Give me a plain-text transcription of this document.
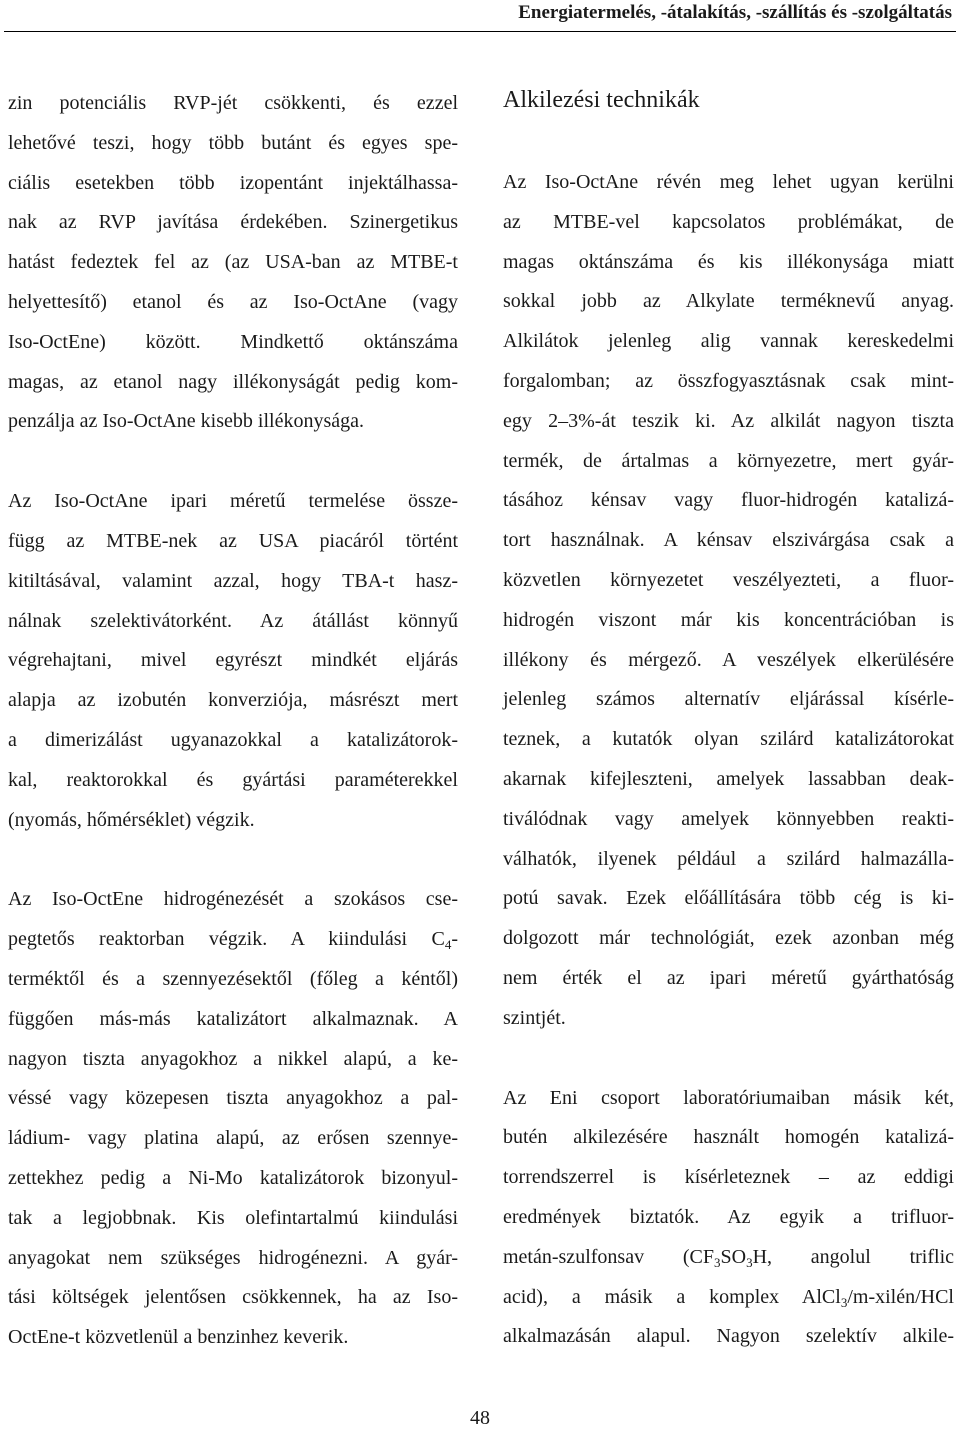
Energiatermelés, -átalakítás, -szállítás és -szolgáltatás

zin potenciális RVP-jét csökkenti, és ezzel
lehetővé teszi, hogy több butánt és egyes spe-
ciális esetekben több izopentánt injektálhassa-
nak az RVP javítása érdekében. Szinergetikus
hatást fedeztek fel az (az USA-ban az MTBE-t
helyettesítő) etanol és az Iso-OctAne (vagy
Iso-OctEne) között. Mindkettő oktánszáma
magas, az etanol nagy illékonyságát pedig kom-
penzálja az Iso-OctAne kisebb illékonysága.

Az Iso-OctAne ipari méretű termelése össze-
függ az MTBE-nek az USA piacáról történt
kitiltásával, valamint azzal, hogy TBA-t hasz-
nálnak szelektivátorként. Az átállást könnyű
végrehajtani, mivel egyrészt mindkét eljárás
alapja az izobutén konverziója, másrészt mert
a dimerizálást ugyanazokkal a katalizátorok-
kal, reaktorokkal és gyártási paraméterekkel
(nyomás, hőmérséklet) végzik.

Az Iso-OctEne hidrogénezését a szokásos cse-
pegtetős reaktorban végzik. A kiindulási $C_4-$
terméktől és a szennyezésektől (főleg a kéntől)
függően más-más katalizátort alkalmaznak. A
nagyon tiszta anyagokhoz a nikkel alapú, a ke-
véssé vagy közepesen tiszta anyagokhoz a pal-
ládium- vagy platina alapú, az erősen szennye-
zettekhez pedig a Ni-Mo katalizátorok bizonyul-
tak a legjobbnak. Kis olefintartalmú kiindulási
anyagokat nem szükséges hidrogénezni. A gyár-
tási költségek jelentősen csökkennek, ha az Iso-
OctEne-t közvetlenül a benzinhez keverik.

Alkilezési technikák

Az Iso-OctAne révén meg lehet ugyan kerülni
az MTBE-vel kapcsolatos problémákat, de
magas oktánszáma és kis illékonysága miatt
sokkal jobb az Alkylate terméknevű anyag.
Alkilátok jelenleg alig vannak kereskedelmi
forgalomban; az összfogyasztásnak csak mint-
egy 2–3%-át teszik ki. Az alkilát nagyon tiszta
termék, de ártalmas a környezetre, mert gyár-
tásához kénsav vagy fluor-hidrogén katalizá-
tort használnak. A kénsav elszivárgása csak a
közvetlen környezetet veszélyezteti, a fluor-
hidrogén viszont már kis koncentrációban is
illékony és mérgező. A veszélyek elkerülésére
jelenleg számos alternatív eljárással kísérle-
teznek, a kutatók olyan szilárd katalizátorokat
akarnak kifejleszteni, amelyek lassabban deak-
tiválódnak vagy amelyek könnyebben reakti-
válhatók, ilyenek például a szilárd halmazálla-
potú savak. Ezek előállítására több cég is ki-
dolgozott már technológiát, ezek azonban még
nem érték el az ipari méretű gyárthatóság
szintjét.

Az Eni csoport laboratóriumaiban másik két,
butén alkilezésére használt homogén katalizá-
torrendszerrel is kísérleteznek – az eddigi
eredmények biztatók. Az egyik a trifluor-
metán-szulfonsav ($CF_3SO_3H$, angolul triflic
acid), a másik a komplex AlCl$_3$/m-xilén/HCl
alkalmazásán alapul. Nagyon szelektív alkile-

48
